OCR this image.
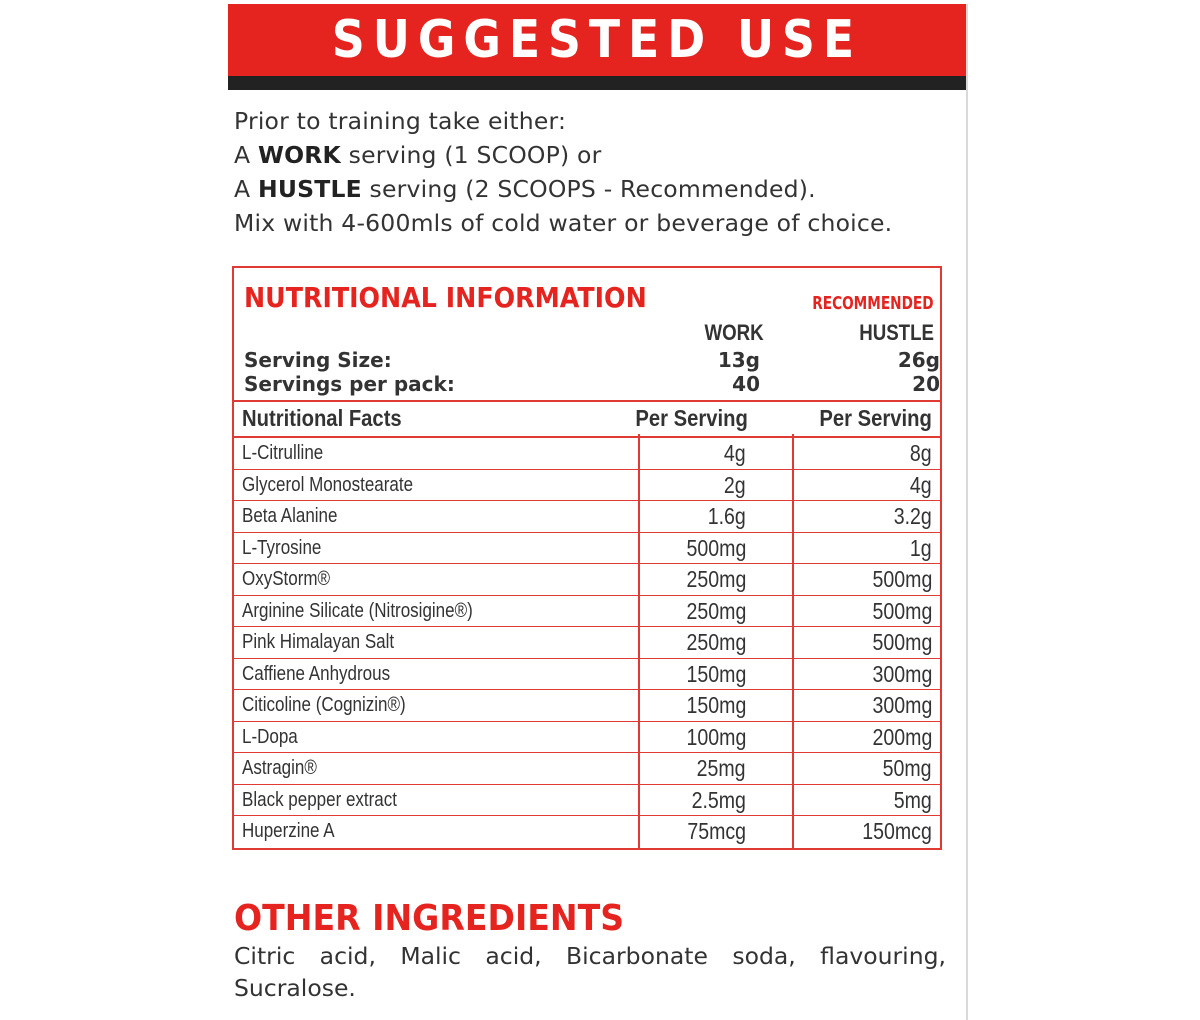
SUGGESTED USE

Prior to training take either:

A WORK serving (1 SCOOP) or

A HUSTLE serving (2 SCOOPS - Recommended).

Mix with 4-600mls of cold water or beverage of choice.

NUTRITIONAL INFORMATION	RECOMMENDED
WORK	HUSTLE
Serving Size:	13g	26g
Servings per pack:	40	20
Nutritional Facts	Per Serving	Per Serving
L-Citrulline	4g	8g
Glycerol Monostearate	2g	4g
Beta Alanine	1.6g	3.2g
L-Tyrosine	500mg	1g
OxyStorm®	250mg	500mg
Arginine Silicate (Nitrosigine®)	250mg	500mg
Pink Himalayan Salt	250mg	500mg
Caffiene Anhydrous	150mg	300mg
Citicoline (Cognizin®)	150mg	300mg
L-Dopa	100mg	200mg
Astragin®	25mg	50mg
Black pepper extract	2.5mg	5mg
Huperzine A	75mcg	150mcg
OTHER INGREDIENTS
Citric acid, Malic acid, Bicarbonate soda, flavouring,
Sucralose.
